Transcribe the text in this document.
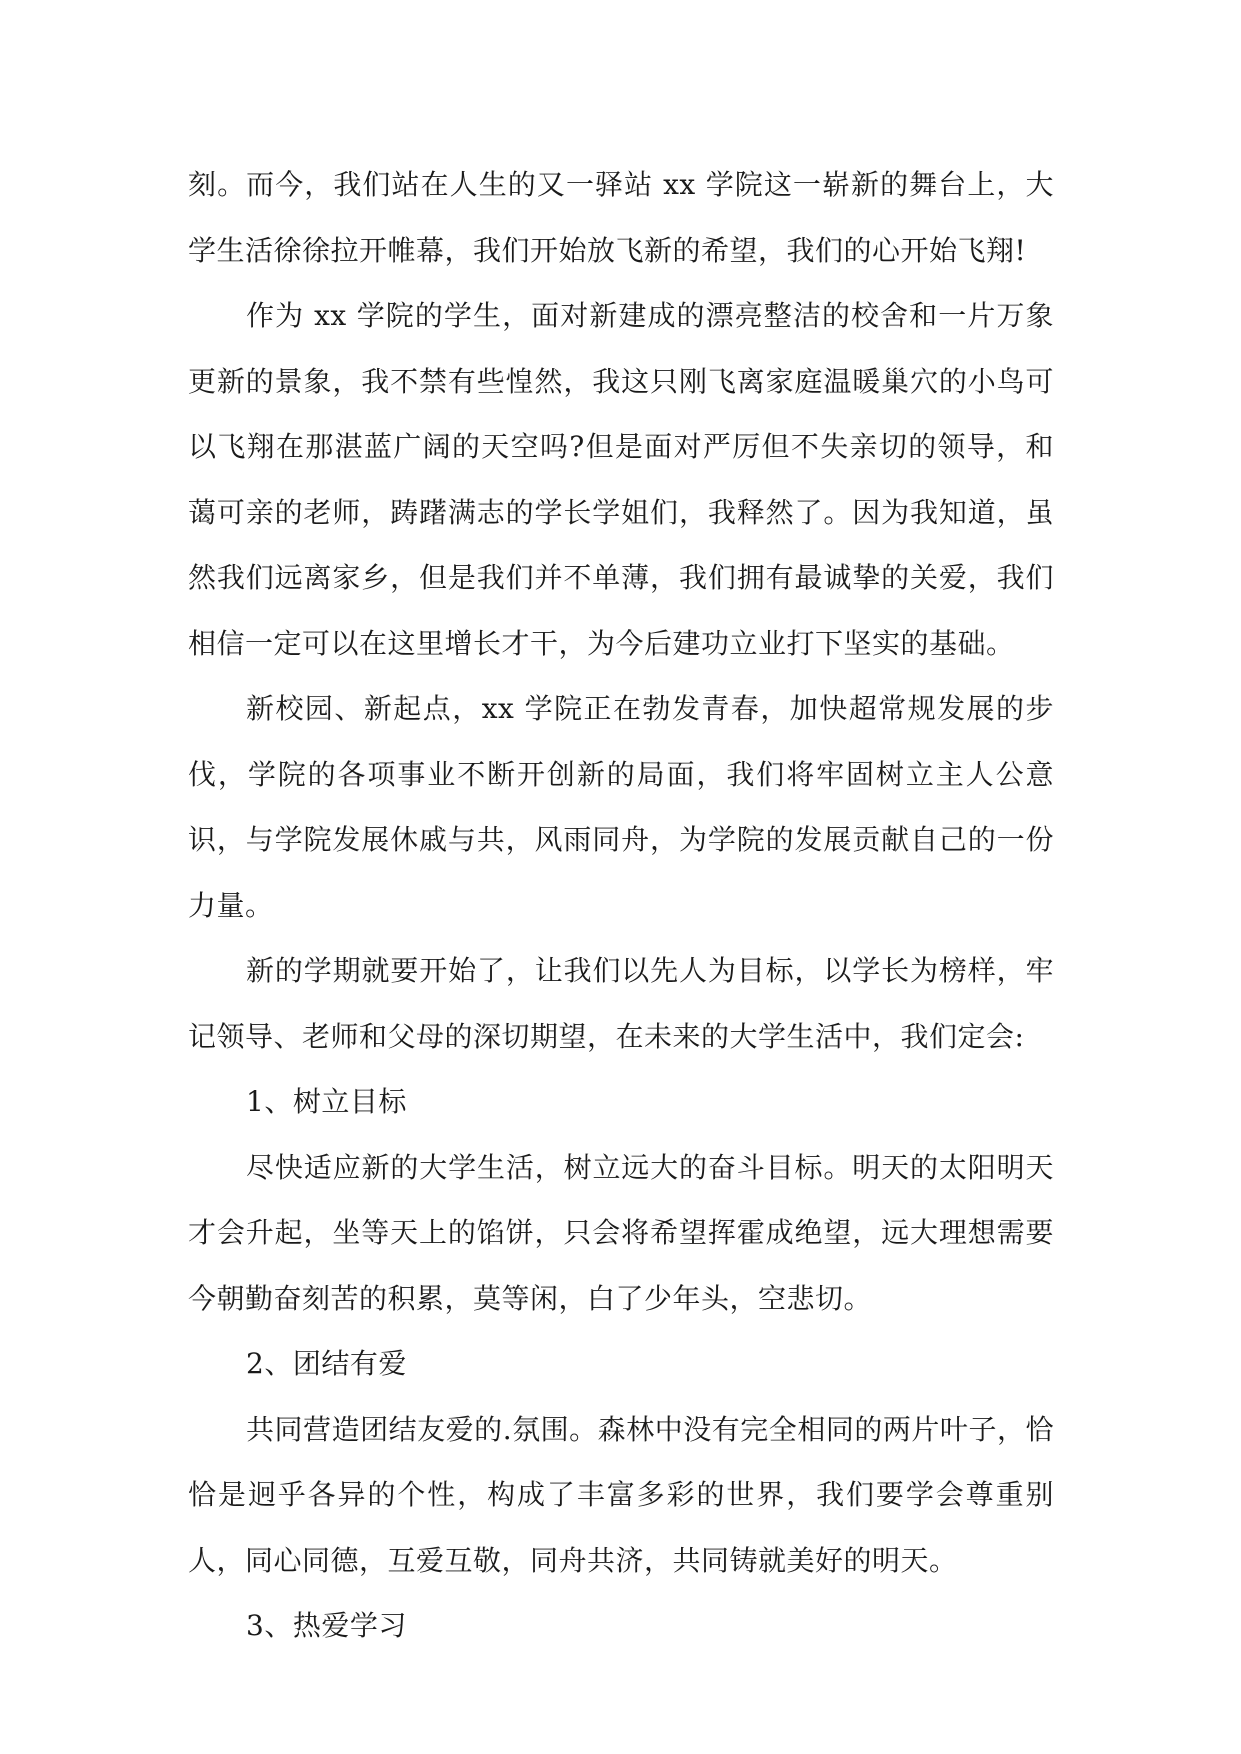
刻。而今，我们站在人生的又一驿站 xx 学院这一崭新的舞台上，大学生活徐徐拉开帷幕，我们开始放飞新的希望，我们的心开始飞翔!

作为 xx 学院的学生，面对新建成的漂亮整洁的校舍和一片万象更新的景象，我不禁有些惶然，我这只刚飞离家庭温暖巢穴的小鸟可以飞翔在那湛蓝广阔的天空吗?但是面对严厉但不失亲切的领导，和蔼可亲的老师，踌躇满志的学长学姐们，我释然了。因为我知道，虽然我们远离家乡，但是我们并不单薄，我们拥有最诚挚的关爱，我们相信一定可以在这里增长才干，为今后建功立业打下坚实的基础。

新校园、新起点，xx 学院正在勃发青春，加快超常规发展的步伐，学院的各项事业不断开创新的局面，我们将牢固树立主人公意识，与学院发展休戚与共，风雨同舟，为学院的发展贡献自己的一份力量。

新的学期就要开始了，让我们以先人为目标，以学长为榜样，牢记领导、老师和父母的深切期望，在未来的大学生活中，我们定会:

1、树立目标

尽快适应新的大学生活，树立远大的奋斗目标。明天的太阳明天才会升起，坐等天上的馅饼，只会将希望挥霍成绝望，远大理想需要今朝勤奋刻苦的积累，莫等闲，白了少年头，空悲切。

2、团结有爱

共同营造团结友爱的.氛围。森林中没有完全相同的两片叶子，恰恰是迥乎各异的个性，构成了丰富多彩的世界，我们要学会尊重别人，同心同德，互爱互敬，同舟共济，共同铸就美好的明天。

3、热爱学习
